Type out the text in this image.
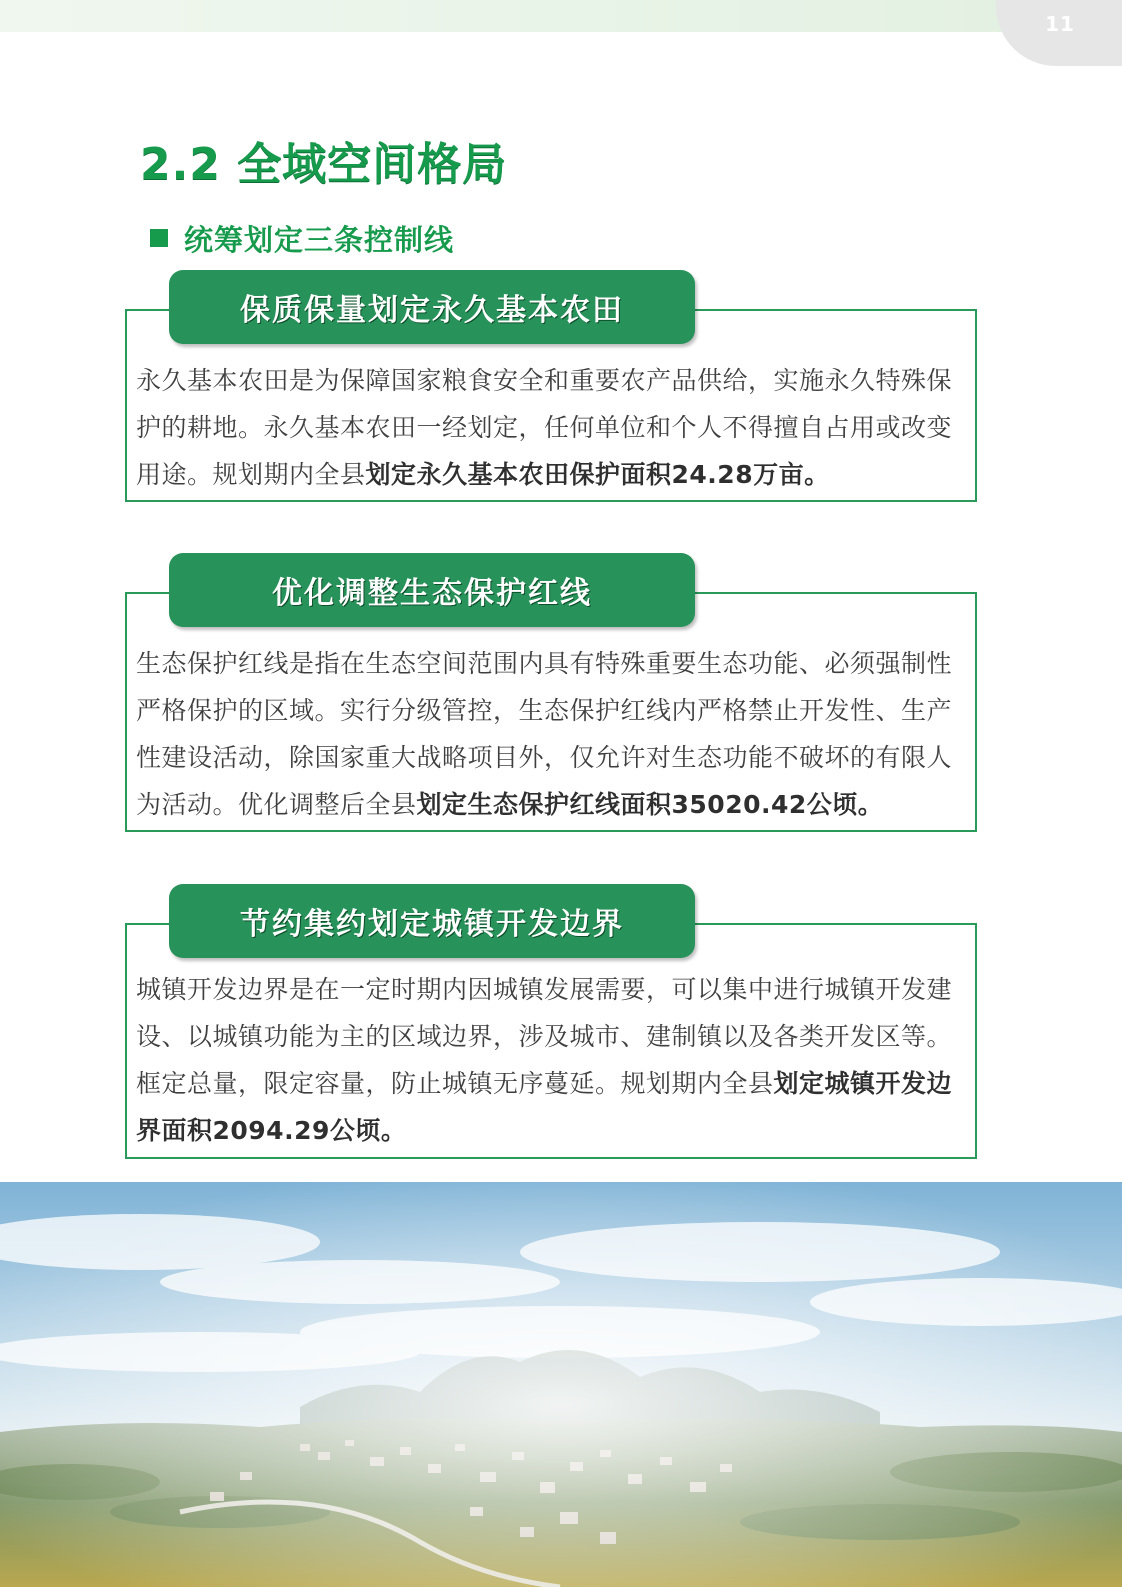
11
2.2 全域空间格局
统筹划定三条控制线
保质保量划定永久基本农田
永久基本农田是为保障国家粮食安全和重要农产品供给，实施永久特殊保护的耕地。永久基本农田一经划定，任何单位和个人不得擅自占用或改变用途。规划期内全县划定永久基本农田保护面积24.28万亩。
优化调整生态保护红线
生态保护红线是指在生态空间范围内具有特殊重要生态功能、必须强制性严格保护的区域。实行分级管控，生态保护红线内严格禁止开发性、生产性建设活动，除国家重大战略项目外，仅允许对生态功能不破坏的有限人为活动。优化调整后全县划定生态保护红线面积35020.42公顷。
节约集约划定城镇开发边界
城镇开发边界是在一定时期内因城镇发展需要，可以集中进行城镇开发建设、以城镇功能为主的区域边界，涉及城市、建制镇以及各类开发区等。框定总量，限定容量，防止城镇无序蔓延。规划期内全县划定城镇开发边界面积2094.29公顷。
